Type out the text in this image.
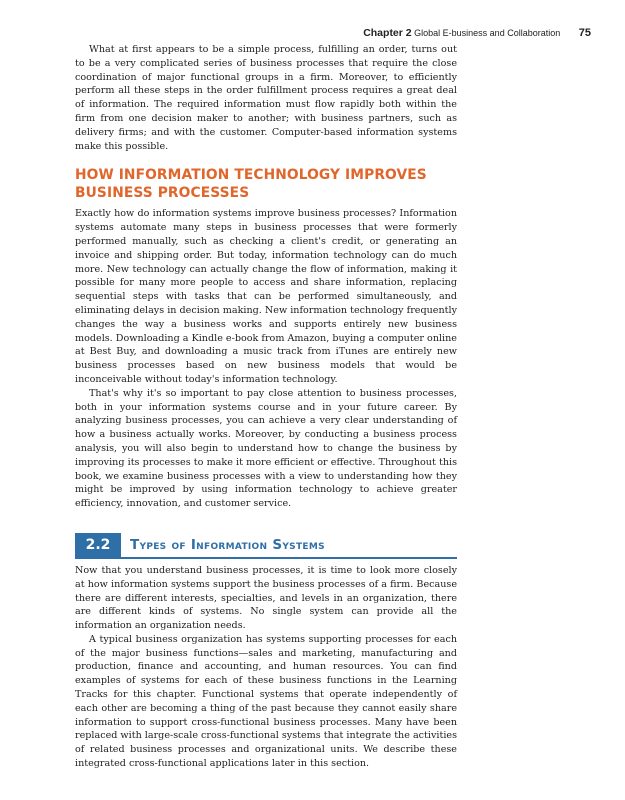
Chapter 2 Global E-business and Collaboration 75

What at first appears to be a simple process, fulfilling an order, turns out to be a very complicated series of business processes that require the close coordination of major functional groups in a firm. Moreover, to efficiently perform all these steps in the order fulfillment process requires a great deal of information. The required information must flow rapidly both within the firm from one decision maker to another; with business partners, such as delivery firms; and with the customer. Computer-based information systems make this possible.

HOW INFORMATION TECHNOLOGY IMPROVES BUSINESS PROCESSES

Exactly how do information systems improve business processes? Information systems automate many steps in business processes that were formerly performed manually, such as checking a client's credit, or generating an invoice and shipping order. But today, information technology can do much more. New technology can actually change the flow of information, making it possible for many more people to access and share information, replacing sequential steps with tasks that can be performed simultaneously, and eliminating delays in decision making. New information technology frequently changes the way a business works and supports entirely new business models. Downloading a Kindle e-book from Amazon, buying a computer online at Best Buy, and downloading a music track from iTunes are entirely new business processes based on new business models that would be inconceivable without today's information technology.

That's why it's so important to pay close attention to business processes, both in your information systems course and in your future career. By analyzing business processes, you can achieve a very clear understanding of how a business actually works. Moreover, by conducting a business process analysis, you will also begin to understand how to change the business by improving its processes to make it more efficient or effective. Throughout this book, we examine business processes with a view to understanding how they might be improved by using information technology to achieve greater efficiency, innovation, and customer service.

2.2	Types of Information Systems

Now that you understand business processes, it is time to look more closely at how information systems support the business processes of a firm. Because there are different interests, specialties, and levels in an organization, there are different kinds of systems. No single system can provide all the information an organization needs.

A typical business organization has systems supporting processes for each of the major business functions—sales and marketing, manufacturing and production, finance and accounting, and human resources. You can find examples of systems for each of these business functions in the Learning Tracks for this chapter. Functional systems that operate independently of each other are becoming a thing of the past because they cannot easily share information to support cross-functional business processes. Many have been replaced with large-scale cross-functional systems that integrate the activities of related business processes and organizational units. We describe these integrated cross-functional applications later in this section.
